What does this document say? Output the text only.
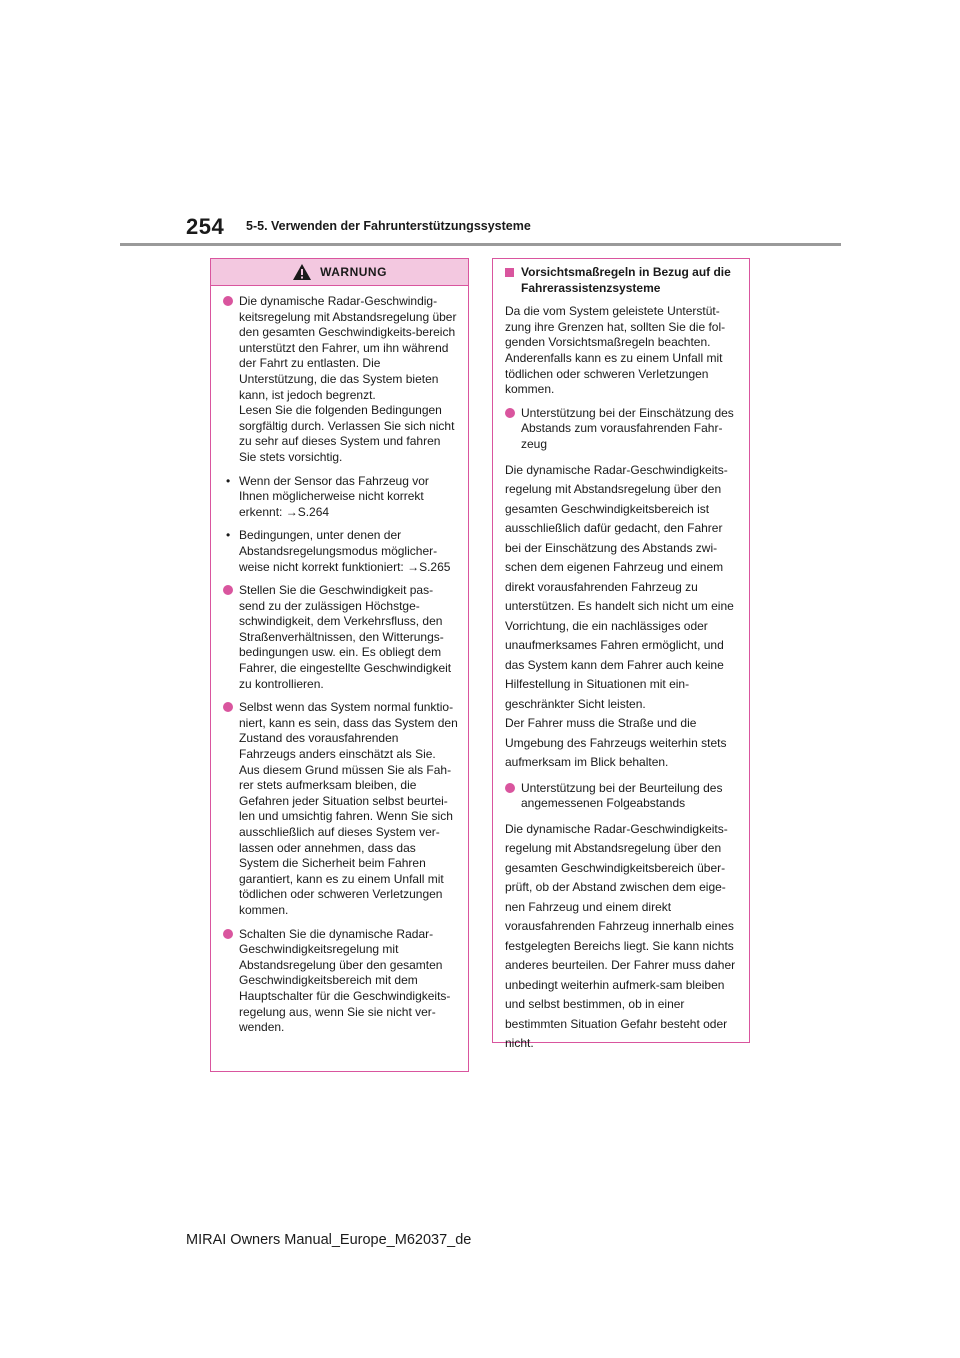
254 5-5. Verwenden der Fahrunterstützungssysteme
WARNUNG
Die dynamische Radar-Geschwindig-keitsregelung mit Abstandsregelung über den gesamten Geschwindigkeits-bereich unterstützt den Fahrer, um ihn während der Fahrt zu entlasten. Die Unterstützung, die das System bieten kann, ist jedoch begrenzt.
Lesen Sie die folgenden Bedingungen sorgfältig durch. Verlassen Sie sich nicht zu sehr auf dieses System und fahren Sie stets vorsichtig.
• Wenn der Sensor das Fahrzeug vor Ihnen möglicherweise nicht korrekt erkennt: →S.264
• Bedingungen, unter denen der Abstandsregelungsmodus möglicher-weise nicht korrekt funktioniert: →S.265
Stellen Sie die Geschwindigkeit pas-send zu der zulässigen Höchstge-schwindigkeit, dem Verkehrsfluss, den Straßenverhältnissen, den Witterungs-bedingungen usw. ein. Es obliegt dem Fahrer, die eingestellte Geschwindigkeit zu kontrollieren.
Selbst wenn das System normal funktio-niert, kann es sein, dass das System den Zustand des vorausfahrenden Fahrzeugs anders einschätzt als Sie. Aus diesem Grund müssen Sie als Fah-rer stets aufmerksam bleiben, die Gefahren jeder Situation selbst beurtei-len und umsichtig fahren. Wenn Sie sich ausschließlich auf dieses System ver-lassen oder annehmen, dass das System die Sicherheit beim Fahren garantiert, kann es zu einem Unfall mit tödlichen oder schweren Verletzungen kommen.
Schalten Sie die dynamische Radar-Geschwindigkeitsregelung mit Abstandsregelung über den gesamten Geschwindigkeitsbereich mit dem Hauptschalter für die Geschwindigkeits-regelung aus, wenn Sie sie nicht ver-wenden.
Vorsichtsmaßregeln in Bezug auf die Fahrerassistenzsysteme
Da die vom System geleistete Unterstüt-zung ihre Grenzen hat, sollten Sie die fol-genden Vorsichtsmaßregeln beachten. Anderenfalls kann es zu einem Unfall mit tödlichen oder schweren Verletzungen kommen.
Unterstützung bei der Einschätzung des Abstands zum vorausfahrenden Fahr-zeug
Die dynamische Radar-Geschwindigkeits-regelung mit Abstandsregelung über den gesamten Geschwindigkeitsbereich ist ausschließlich dafür gedacht, den Fahrer bei der Einschätzung des Abstands zwi-schen dem eigenen Fahrzeug und einem direkt vorausfahrenden Fahrzeug zu unterstützen. Es handelt sich nicht um eine Vorrichtung, die ein nachlässiges oder unaufmerksames Fahren ermöglicht, und das System kann dem Fahrer auch keine Hilfestellung in Situationen mit ein-geschränkter Sicht leisten.
Der Fahrer muss die Straße und die Umgebung des Fahrzeugs weiterhin stets aufmerksam im Blick behalten.
Unterstützung bei der Beurteilung des angemessenen Folgeabstands
Die dynamische Radar-Geschwindigkeits-regelung mit Abstandsregelung über den gesamten Geschwindigkeitsbereich über-prüft, ob der Abstand zwischen dem eige-nen Fahrzeug und einem direkt vorausfahrenden Fahrzeug innerhalb eines festgelegten Bereichs liegt. Sie kann nichts anderes beurteilen. Der Fahrer muss daher unbedingt weiterhin aufmerk-sam bleiben und selbst bestimmen, ob in einer bestimmten Situation Gefahr besteht oder nicht.
MIRAI Owners Manual_Europe_M62037_de
